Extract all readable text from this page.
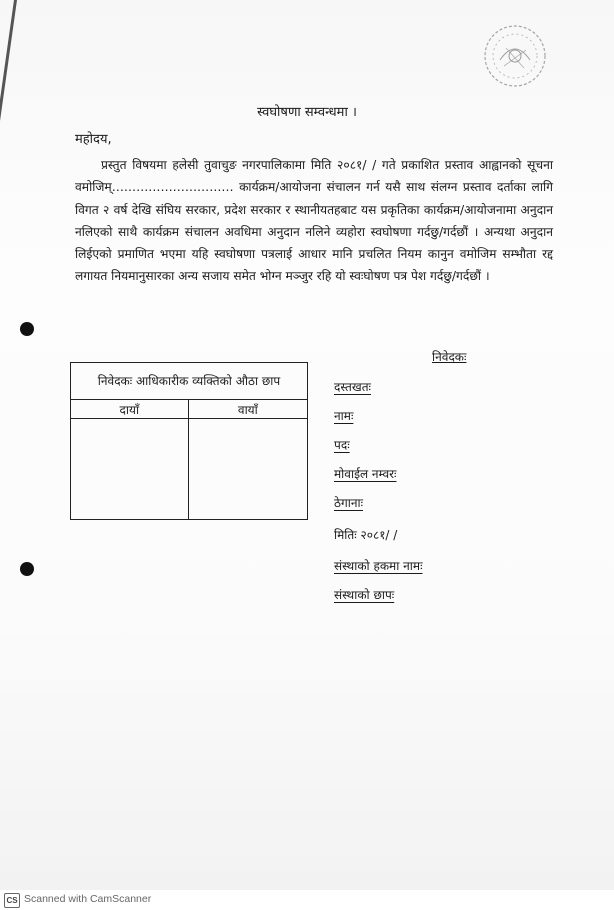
स्वघोषणा सम्वन्धमा ।
महोदय,
प्रस्तुत विषयमा हलेसी तुवाचुङ नगरपालिकामा मिति २०८१/ / गते प्रकाशित प्रस्ताव आह्वानको सूचना वमोजिम्………………………… कार्यक्रम/आयोजना संचालन गर्न यसै साथ संलग्न प्रस्ताव दर्ताका लागि विगत २ वर्ष देखि संघिय सरकार, प्रदेश सरकार र स्थानीयतहबाट यस प्रकृतिका कार्यक्रम/आयोजनामा अनुदान नलिएको साथै कार्यक्रम संचालन अवधिमा अनुदान नलिने व्यहोरा स्वघोषणा गर्दछु/गर्दछौं । अन्यथा अनुदान लिईएको प्रमाणित भएमा यहि स्वघोषणा पत्रलाई आधार मानि प्रचलित नियम कानुन वमोजिम सम्भौता रद्द लगायत नियमानुसारका अन्य सजाय समेत भोग्न मञ्जुर रहि यो स्वःघोषण पत्र पेश गर्दछु/गर्दछौं ।
निवेदकः आधिकारीक व्यक्तिको औठा छाप	
दायाँ	वायाँ

निवेदकः
दस्तखतः
नामः
पदः
मोवाईल नम्वरः
ठेगानाः
मितिः २०८१/ /
संस्थाको हकमा नामः
संस्थाको छापः
CS Scanned with CamScanner
